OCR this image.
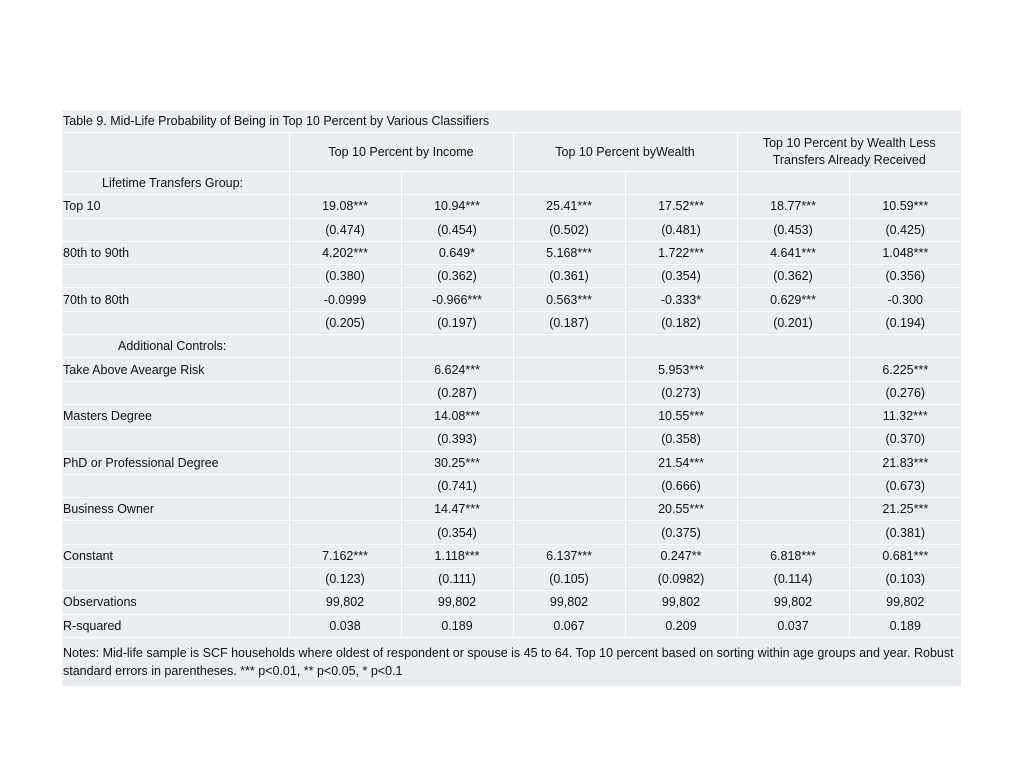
Table 9. Mid-Life Probability of Being in Top 10 Percent by Various Classifiers						
	Top 10 Percent by Income		Top 10 Percent byWealth		Top 10 Percent by Wealth Less Transfers Already Received	
Lifetime Transfers Group:						
Top 10	19.08***	10.94***	25.41***	17.52***	18.77***	10.59***
	(0.474)	(0.454)	(0.502)	(0.481)	(0.453)	(0.425)
80th to 90th	4.202***	0.649*	5.168***	1.722***	4.641***	1.048***
	(0.380)	(0.362)	(0.361)	(0.354)	(0.362)	(0.356)
70th to 80th	-0.0999	-0.966***	0.563***	-0.333*	0.629***	-0.300
	(0.205)	(0.197)	(0.187)	(0.182)	(0.201)	(0.194)
Additional Controls:						
Take Above Avearge Risk		6.624***		5.953***		6.225***
		(0.287)		(0.273)		(0.276)
Masters Degree		14.08***		10.55***		11.32***
		(0.393)		(0.358)		(0.370)
PhD or Professional Degree		30.25***		21.54***		21.83***
		(0.741)		(0.666)		(0.673)
Business Owner		14.47***		20.55***		21.25***
		(0.354)		(0.375)		(0.381)
Constant	7.162***	1.118***	6.137***	0.247**	6.818***	0.681***
	(0.123)	(0.111)	(0.105)	(0.0982)	(0.114)	(0.103)
Observations	99,802	99,802	99,802	99,802	99,802	99,802
R-squared	0.038	0.189	0.067	0.209	0.037	0.189
Notes: Mid-life sample is SCF households where oldest of respondent or spouse is 45 to 64. Top 10 percent based on sorting within age groups and year. Robust standard errors in parentheses. *** p<0.01, ** p<0.05, * p<0.1						
